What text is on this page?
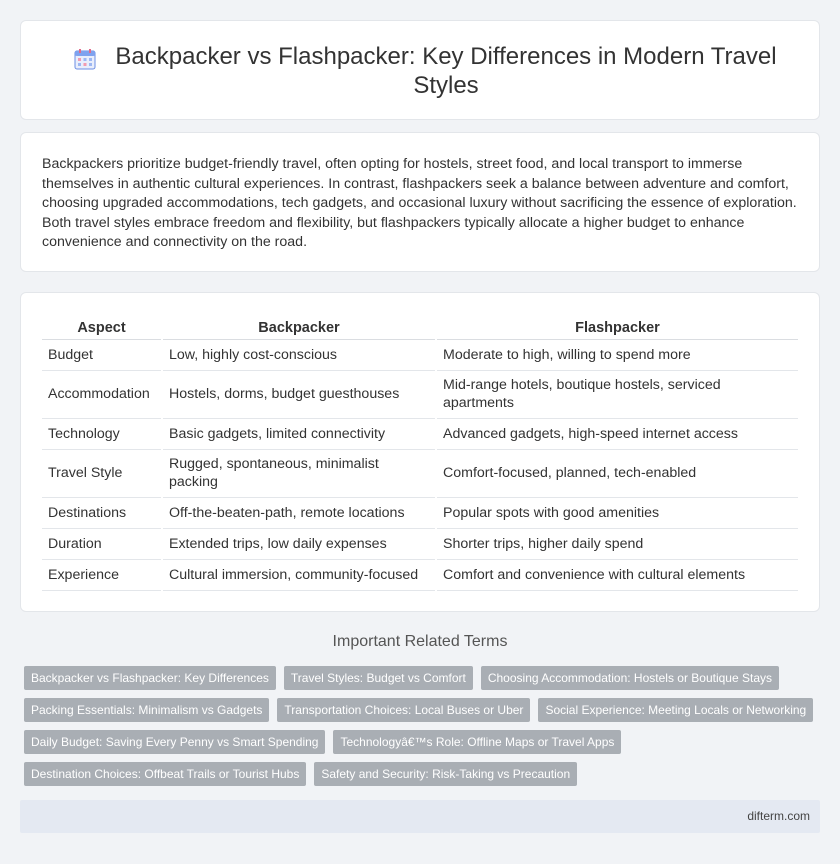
Backpacker vs Flashpacker: Key Differences in Modern Travel Styles

Backpackers prioritize budget-friendly travel, often opting for hostels, street food, and local transport to immerse themselves in authentic cultural experiences. In contrast, flashpackers seek a balance between adventure and comfort, choosing upgraded accommodations, tech gadgets, and occasional luxury without sacrificing the essence of exploration. Both travel styles embrace freedom and flexibility, but flashpackers typically allocate a higher budget to enhance convenience and connectivity on the road.

Aspect	Backpacker	Flashpacker
Budget	Low, highly cost-conscious	Moderate to high, willing to spend more
Accommodation	Hostels, dorms, budget guesthouses	Mid-range hotels, boutique hostels, serviced apartments
Technology	Basic gadgets, limited connectivity	Advanced gadgets, high-speed internet access
Travel Style	Rugged, spontaneous, minimalist packing	Comfort-focused, planned, tech-enabled
Destinations	Off-the-beaten-path, remote locations	Popular spots with good amenities
Duration	Extended trips, low daily expenses	Shorter trips, higher daily spend
Experience	Cultural immersion, community-focused	Comfort and convenience with cultural elements
Important Related Terms
Backpacker vs Flashpacker: Key Differences	Travel Styles: Budget vs Comfort	Choosing Accommodation: Hostels or Boutique Stays
Packing Essentials: Minimalism vs Gadgets	Transportation Choices: Local Buses or Uber	Social Experience: Meeting Locals or Networking
Daily Budget: Saving Every Penny vs Smart Spending	Technologyâ€™s Role: Offline Maps or Travel Apps
Destination Choices: Offbeat Trails or Tourist Hubs	Safety and Security: Risk-Taking vs Precaution
difterm.com
